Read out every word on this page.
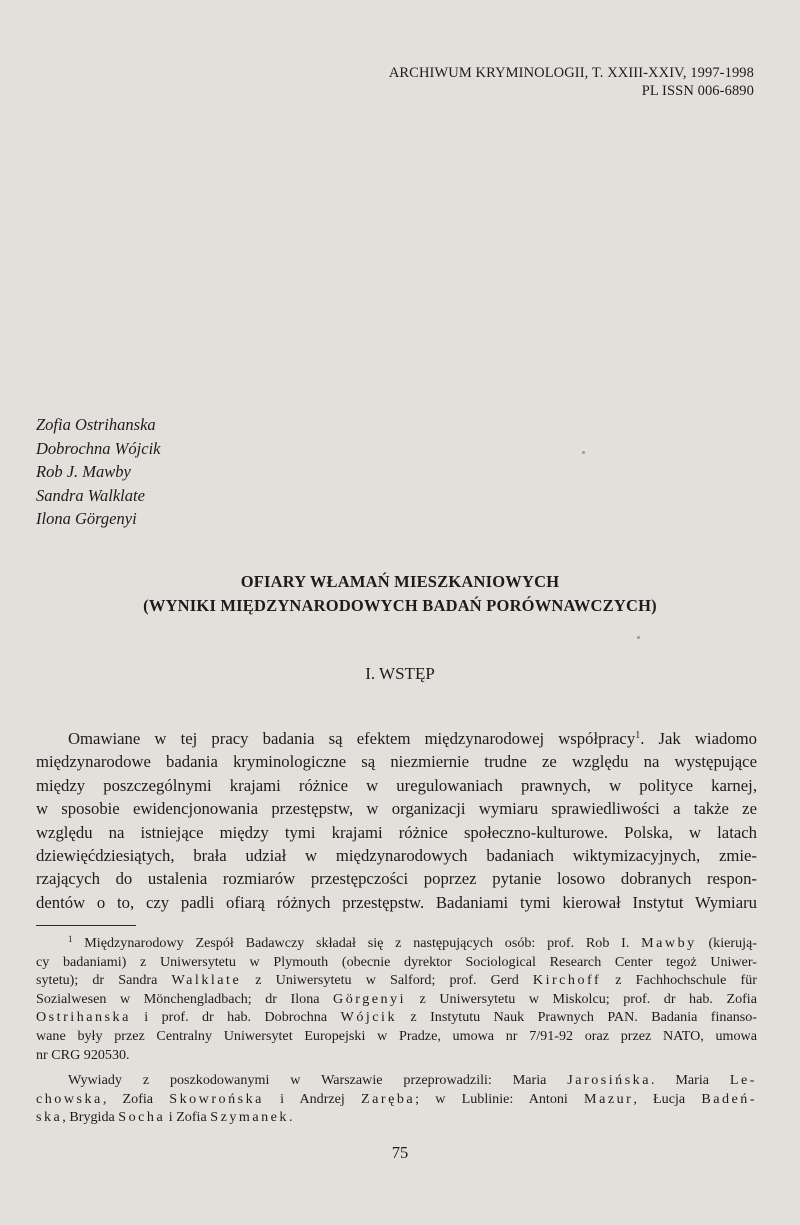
ARCHIWUM KRYMINOLOGII, T. XXIII-XXIV, 1997-1998
PL ISSN 006-6890
Zofia Ostrihanska
Dobrochna Wójcik
Rob J. Mawby
Sandra Walklate
Ilona Görgenyi
OFIARY WŁAMAŃ MIESZKANIOWYCH
(WYNIKI MIĘDZYNARODOWYCH BADAŃ PORÓWNAWCZYCH)
I. WSTĘP
Omawiane w tej pracy badania są efektem międzynarodowej współpracy$^1$. Jak wiadomo
międzynarodowe badania kryminologiczne są niezmiernie trudne ze względu na występujące
między poszczególnymi krajami różnice w uregulowaniach prawnych, w polityce karnej,
w sposobie ewidencjonowania przestępstw, w organizacji wymiaru sprawiedliwości a także ze
względu na istniejące między tymi krajami różnice społeczno-kulturowe. Polska, w latach
dziewięćdziesiątych, brała udział w międzynarodowych badaniach wiktymizacyjnych, zmie-
rzających do ustalenia rozmiarów przestępczości poprzez pytanie losowo dobranych respon-
dentów o to, czy padli ofiarą różnych przestępstw. Badaniami tymi kierował Instytut Wymiaru
$^1$ Międzynarodowy Zespół Badawczy składał się z następujących osób: prof. Rob I. Mawby (kierują-
cy badaniami) z Uniwersytetu w Plymouth (obecnie dyrektor Sociological Research Center tegoż Uniwer-
sytetu); dr Sandra Walklate z Uniwersytetu w Salford; prof. Gerd Kirchoff z Fachhochschule für
Sozialwesen w Mönchengladbach; dr Ilona Görgenyi z Uniwersytetu w Miskolcu; prof. dr hab. Zofia
Ostrihanska i prof. dr hab. Dobrochna Wójcik z Instytutu Nauk Prawnych PAN. Badania finanso-
wane były przez Centralny Uniwersytet Europejski w Pradze, umowa nr 7/91-92 oraz przez NATO, umowa
nr CRG 920530.
Wywiady z poszkodowanymi w Warszawie przeprowadzili: Maria Jarosińska. Maria Le-
chowska, Zofia Skowrońska i Andrzej Zaręba; w Lublinie: Antoni Mazur, Łucja Badeń-
ska, Brygida Socha i Zofia Szymanek.
75
